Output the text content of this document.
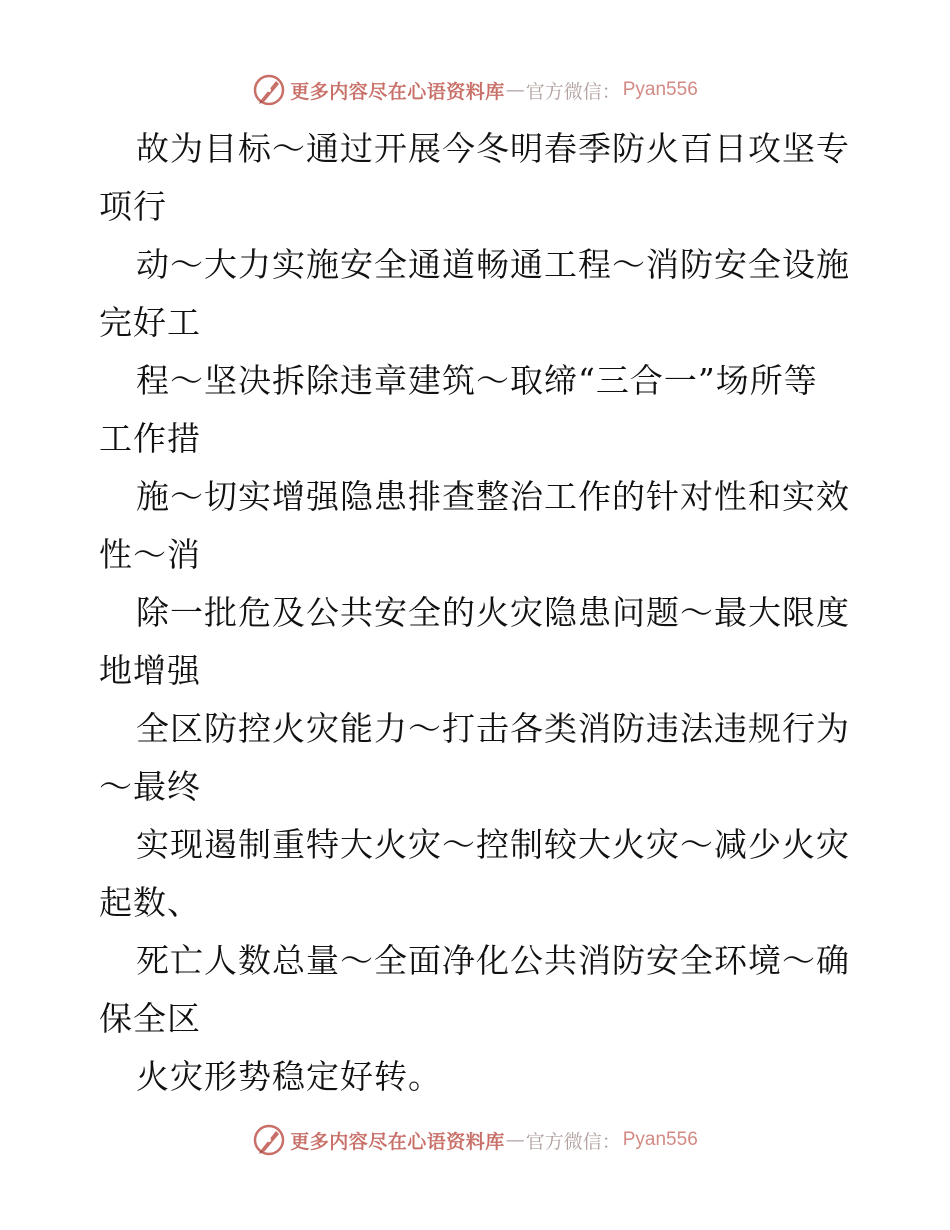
更多内容尽在心语资料库 — 官方微信： Pyan556
故为目标～通过开展今冬明春季防火百日攻坚专
项行
动～大力实施安全通道畅通工程～消防安全设施
完好工
程～坚决拆除违章建筑～取缔“三合一”场所等
工作措
施～切实增强隐患排查整治工作的针对性和实效
性～消
除一批危及公共安全的火灾隐患问题～最大限度
地增强
全区防控火灾能力～打击各类消防违法违规行为
～最终
实现遏制重特大火灾～控制较大火灾～减少火灾
起数、
死亡人数总量～全面净化公共消防安全环境～确
保全区
火灾形势稳定好转。
更多内容尽在心语资料库 — 官方微信： Pyan556
